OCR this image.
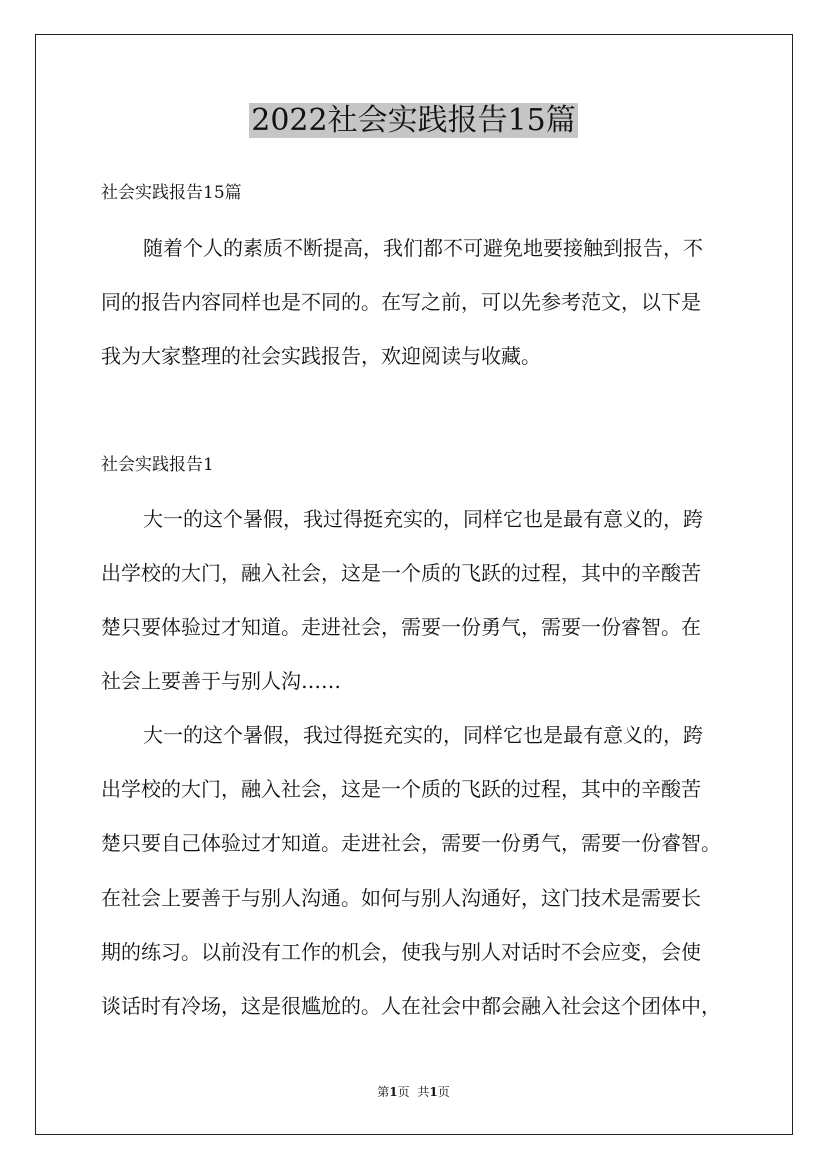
2022社会实践报告15篇
社会实践报告15篇
随着个人的素质不断提高，我们都不可避免地要接触到报告，不
同的报告内容同样也是不同的。在写之前，可以先参考范文，以下是
我为大家整理的社会实践报告，欢迎阅读与收藏。
社会实践报告1
大一的这个暑假，我过得挺充实的，同样它也是最有意义的，跨
出学校的大门，融入社会，这是一个质的飞跃的过程，其中的辛酸苦
楚只要体验过才知道。走进社会，需要一份勇气，需要一份睿智。在
社会上要善于与别人沟……
大一的这个暑假，我过得挺充实的，同样它也是最有意义的，跨
出学校的大门，融入社会，这是一个质的飞跃的过程，其中的辛酸苦
楚只要自己体验过才知道。走进社会，需要一份勇气，需要一份睿智。
在社会上要善于与别人沟通。如何与别人沟通好，这门技术是需要长
期的练习。以前没有工作的机会，使我与别人对话时不会应变，会使
谈话时有冷场，这是很尴尬的。人在社会中都会融入社会这个团体中，
第1页 共1页
